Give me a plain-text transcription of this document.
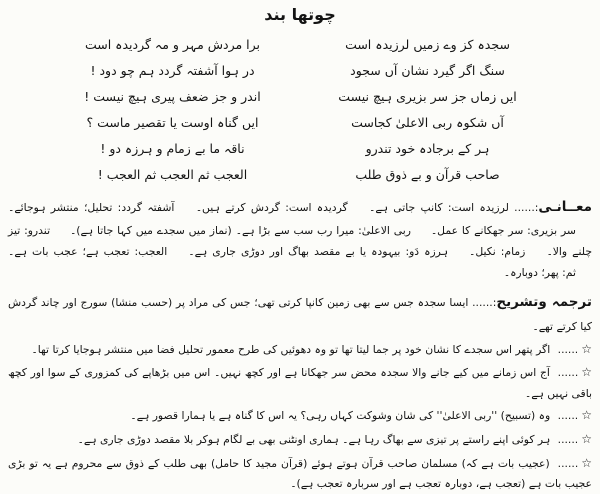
چوتھا بند
سجدہ کز وے زمیں لرزیدہ است
برا مردش مہر و مہ گردیدہ است
سنگ اگر گیرد نشان آں سجود
در ہوا آشفتہ گردد ہم چو دود !
ایں زماں جز سر بزیری ہیچ نیست
اندر و جز ضعف پیری ہیچ نیست !
آں شکوہ ربی الاعلیٰ کجاست
ایں گناہ اوست یا تقصیر ماست ؟
ہر کے برجادہ خود تندرو
ناقہ ما بے زمام و ہرزہ دو !
صاحب قرآن و بے ذوق طلب
العجب ثم العجب ثم العجب !
معــانـی:...... لرزیدہ است: کانپ جاتی ہے۔ گردیدہ است: گردش کرتے ہیں۔ آشفتہ گردد: تحلیل؛ منتشر ہوجائے۔ سر بزیری: سر جھکانے کا عمل۔ ربی الاعلیٰ: میرا رب سب سے بڑا ہے۔ (نماز میں سجدے میں کہا جاتا ہے)۔ تندرو: تیز چلنے والا۔ زمام: نکیل۔ ہرزہ دَو: بیہودہ یا بے مقصد بھاگ اور دوڑی جاری ہے۔ العجب: تعجب ہے؛ عجب بات ہے۔ ثم: پھر؛ دوبارہ۔
ترجمہ وتشریح:...... ایسا سجدہ جس سے بھی زمین کانپا کرتی تھی؛ جس کی مراد پر (حسب منشا) سورج اور چاند گردش کیا کرتے تھے۔
☆...... اگر پتھر اس سجدے کا نشان خود پر جما لیتا تھا تو وہ دھوئیں کی طرح معمور تحلیل فضا میں منتشر ہوجایا کرتا تھا۔
☆...... آج اس زمانے میں کیے جانے والا سجدہ محض سر جھکانا ہے اور کچھ نہیں۔ اس میں بڑھاپے کی کمزوری کے سوا اور کچھ باقی نہیں ہے۔
☆...... وہ (تسبیح) ''ربی الاعلیٰ'' کی شان وشوکت کہاں رہی؟ یہ اس کا گناہ ہے یا ہمارا قصور ہے۔
☆...... ہر کوئی اپنے راستے پر تیزی سے بھاگ رہا ہے۔ ہماری اونٹنی بھی بے لگام ہوکر بلا مقصد دوڑی جاری ہے۔
☆...... (عجیب بات ہے کہ) مسلمان صاحب قرآن ہوتے ہوئے (قرآن مجید کا حامل) بھی طلب کے ذوق سے محروم ہے یہ تو بڑی عجیب بات ہے (تعجب ہے، دوبارہ تعجب ہے اور سربارہ تعجب ہے)۔
